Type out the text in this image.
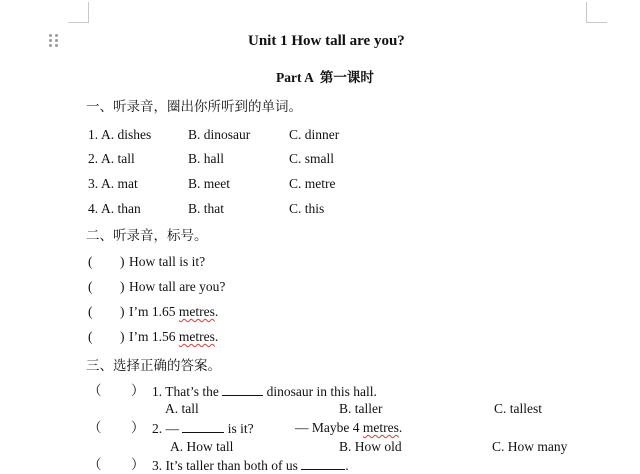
Unit 1 How tall are you?
Part A  第一课时
一、听录音，圈出你所听到的单词。
1. A. dishes	B. dinosaur	C. dinner
2. A. tall	B. hall	C. small
3. A. mat	B. meet	C. metre
4. A. than	B. that	C. this
二、听录音，标号。
( ) How tall is it?
( ) How tall are you?
( ) I’m 1.65 metres.
( ) I’m 1.56 metres.
三、选择正确的答案。
（ ） 1. That’s the	dinosaur in this hall.
A. tall	B. taller	C. tallest
（ ） 2. —	is it?	— Maybe 4 metres.
A. How tall	B. How old	C. How many
（ ） 3. It’s taller than both of us	.
